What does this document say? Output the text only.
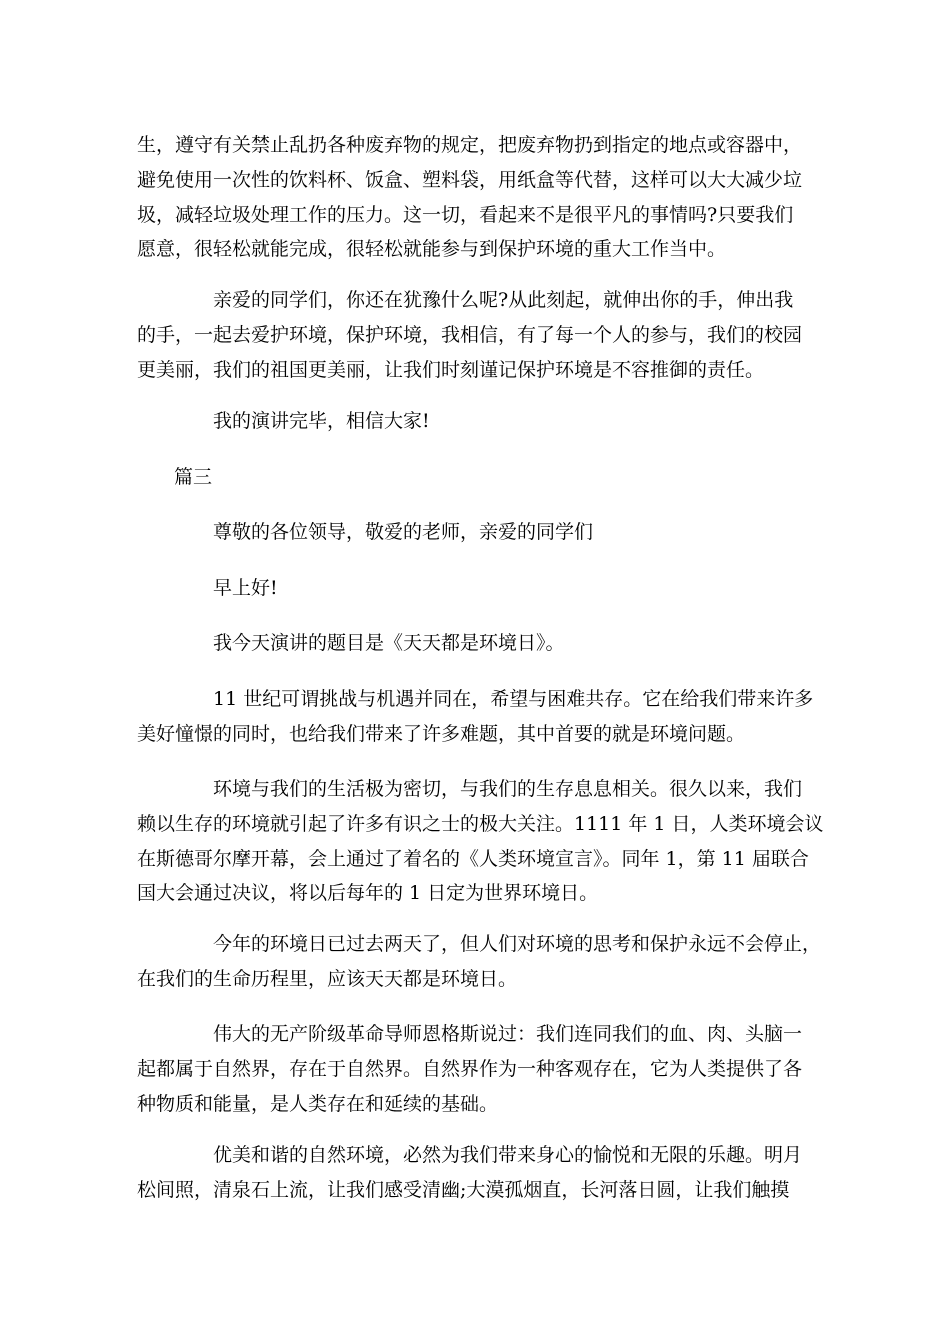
生，遵守有关禁止乱扔各种废弃物的规定，把废弃物扔到指定的地点或容器中，
避免使用一次性的饮料杯、饭盒、塑料袋，用纸盒等代替，这样可以大大减少垃
圾，减轻垃圾处理工作的压力。这一切，看起来不是很平凡的事情吗?只要我们
愿意，很轻松就能完成，很轻松就能参与到保护环境的重大工作当中。
亲爱的同学们，你还在犹豫什么呢?从此刻起，就伸出你的手，伸出我
的手，一起去爱护环境，保护环境，我相信，有了每一个人的参与，我们的校园
更美丽，我们的祖国更美丽，让我们时刻谨记保护环境是不容推御的责任。
我的演讲完毕，相信大家!
篇三
尊敬的各位领导，敬爱的老师，亲爱的同学们
早上好!
我今天演讲的题目是《天天都是环境日》。
11 世纪可谓挑战与机遇并同在，希望与困难共存。它在给我们带来许多
美好憧憬的同时，也给我们带来了许多难题，其中首要的就是环境问题。
环境与我们的生活极为密切，与我们的生存息息相关。很久以来，我们
赖以生存的环境就引起了许多有识之士的极大关注。1111 年 1 日，人类环境会议
在斯德哥尔摩开幕，会上通过了着名的《人类环境宣言》。同年 1，第 11 届联合
国大会通过决议，将以后每年的 1 日定为世界环境日。
今年的环境日已过去两天了，但人们对环境的思考和保护永远不会停止，
在我们的生命历程里，应该天天都是环境日。
伟大的无产阶级革命导师恩格斯说过：我们连同我们的血、肉、头脑一
起都属于自然界，存在于自然界。自然界作为一种客观存在，它为人类提供了各
种物质和能量，是人类存在和延续的基础。
优美和谐的自然环境，必然为我们带来身心的愉悦和无限的乐趣。明月
松间照，清泉石上流，让我们感受清幽;大漠孤烟直，长河落日圆，让我们触摸
